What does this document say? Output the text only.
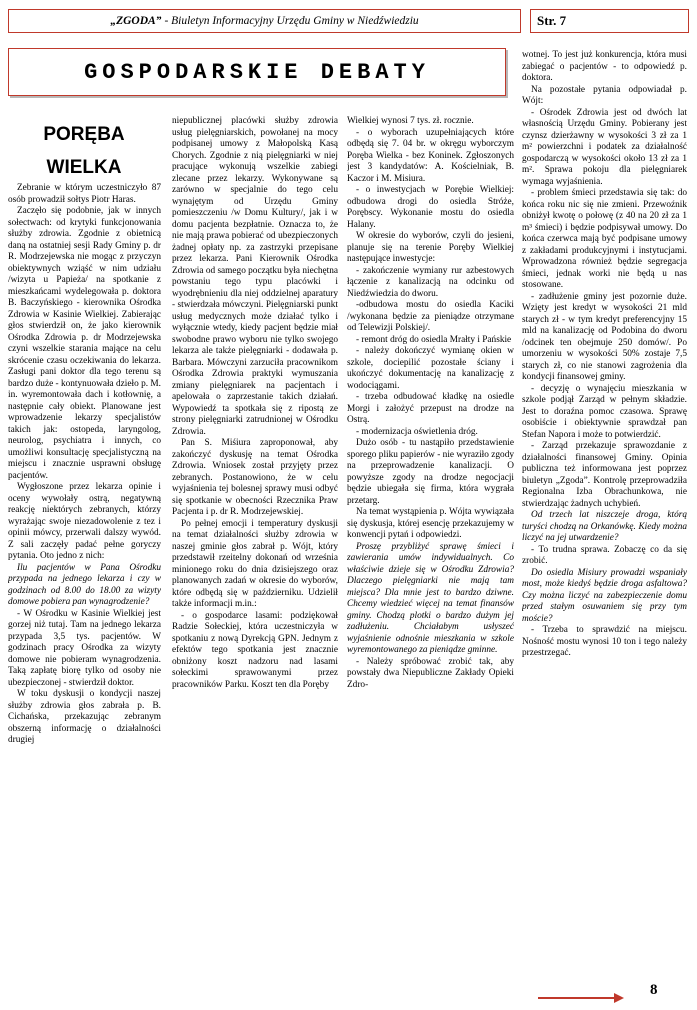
„ZGODA” - Biuletyn Informacyjny Urzędu Gminy w Niedźwiedziu	Str. 7
GOSPODARSKIE DEBATY
PORĘBA WIELKA

Zebranie w którym uczestniczyło 87 osób prowadził sołtys Piotr Haras.

Zaczęło się podobnie, jak w innych sołectwach: od krytyki funkcjonowania służby zdrowia. Zgodnie z obietnicą daną na ostatniej sesji Rady Gminy p. dr R. Modrzejewska nie mogąc z przyczyn obiektywnych wziąść w nim udziału /wizyta u Papieża/ na spotkanie z mieszkańcami wydelegowała p. doktora B. Baczyńskiego - kierownika Ośrodka Zdrowia w Kasinie Wielkiej. Zabierając głos stwierdził on, że jako kierownik Ośrodka Zdrowia p. dr Modrzejewska czyni wszelkie starania mające na celu skrócenie czasu oczekiwania do lekarza. Zasługi pani doktor dla tego terenu są bardzo duże - kontynuowała dzieło p. M. in. wyremontowała dach i kotłownię, a następnie cały obiekt. Planowane jest wprowadzenie lekarzy specjalistów takich jak: ostopeda, laryngolog, neurolog, psychiatra i innych, co umożliwi konsultację specjalistyczną na miejscu i znacznie usprawni obsługę pacjentów.

Wygłoszone przez lekarza opinie i oceny wywołały ostrą, negatywną reakcję niektórych zebranych, którzy wyrażając swoje niezadowolenie z tez i opinii mówcy, przerwali dalszy wywód. Z sali zaczęły padać pełne goryczy pytania. Oto jedno z nich:

Ilu pacjentów w Pana Ośrodku przypada na jednego lekarza i czy w godzinach od 8.00 do 18.00 za wizyty domowe pobiera pan wynagrodzenie?

- W Ośrodku w Kasinie Wielkiej jest gorzej niż tutaj. Tam na jednego lekarza przypada 3,5 tys. pacjentów. W godzinach pracy Ośrodka za wizyty domowe nie pobieram wynagrodzenia. Taką zapłatę biorę tylko od osoby nie ubezpieczonej - stwierdził doktor.

W toku dyskusji o kondycji naszej służby zdrowia głos zabrała p. B. Cichańska, przekazując zebranym obszerną informację o działalności drugiej

niepublicznej placówki służby zdrowia usług pielęgniarskich, powołanej na mocy podpisanej umowy z Małopolską Kasą Chorych. Zgodnie z nią pielęgniarki w niej pracujące wykonują wszelkie zabiegi zlecane przez lekarzy. Wykonywane są zarówno w specjalnie do tego celu wynajętym od Urzędu Gminy pomieszczeniu /w Domu Kultury/, jak i w domu pacjenta bezpłatnie. Oznacza to, że nie mają prawa pobierać od ubezpieczonych żadnej opłaty np. za zastrzyki przepisane przez lekarza. Pani Kierownik Ośrodka Zdrowia od samego początku była niechętna powstaniu tego typu placówki i wyodrębnieniu dla niej oddzielnej aparatury - stwierdzała mówczyni. Pielęgniarski punkt usług medycznych może działać tylko i wyłącznie wtedy, kiedy pacjent będzie miał swobodne prawo wyboru nie tylko swojego lekarza ale także pielęgniarki - dodawała p. Barbara. Mówczyni zarzuciła pracownikom Ośrodka Zdrowia praktyki wymuszania zmiany pielęgniarek na pacjentach i apelowała o zaprzestanie takich działań. Wypowiedź ta spotkała się z ripostą ze strony pielęgniarki zatrudnionej w Ośrodku Zdrowia.

Pan S. Miśiura zaproponował, aby zakończyć dyskusję na temat Ośrodka Zdrowia. Wniosek został przyjęty przez zebranych. Postanowiono, że w celu wyjaśnienia tej bolesnej sprawy musi odbyć się spotkanie w obecności Rzecznika Praw Pacjenta i p. dr R. Modrzejewskiej.

Po pełnej emocji i temperatury dyskusji na temat działalności służby zdrowia w naszej gminie głos zabrał p. Wójt, który przedstawił rzeitelny dokonań od września minionego roku do dnia dzisiejszego oraz planowanych zadań w okresie do wyborów, które odbędą się w październiku. Udzielił także informacji m.in.:

- o gospodarce lasami: podziękował Radzie Sołeckiej, która uczestniczyła w spotkaniu z nową Dyrekcją GPN. Jednym z efektów tego spotkania jest znacznie obniżony koszt nadzoru nad lasami sołeckimi sprawowanymi przez pracowników Parku. Koszt ten dla Poręby

Wielkiej wynosi 7 tys. zł. rocznie.

- o wyborach uzupełniających które odbędą się 7. 04 br. w okręgu wyborczym Poręba Wielka - bez Koninek. Zgłoszonych jest 3 kandydatów: A. Kościelniak, B. Kaczor i M. Misiura.

- o inwestycjach w Porębie Wielkiej: odbudowa drogi do osiedla Stróże, Porębscy. Wykonanie mostu do osiedla Halany.

W okresie do wyborów, czyli do jesieni, planuje się na terenie Poręby Wielkiej następujące inwestycje:

- zakończenie wymiany rur azbestowych łączenie z kanalizacją na odcinku od Niedźwiedzia do dworu.

-odbudowa mostu do osiedla Kaciki /wykonana będzie za pieniądze otrzymane od Telewizji Polskiej/.

- remont dróg do osiedla Mrałty i Pańskie

- należy dokończyć wymianę okien w szkole, dociepilić pozostałe ściany i ukończyć dokumentację na kanalizację z wodociągami.

- trzeba odbudować kładkę na osiedle Morgi i założyć przepust na drodze na Ostrą.

- modernizacja oświetlenia dróg.

Dużo osób - tu nastąpiło przedstawienie sporego pliku papierów - nie wyraziło zgody na przeprowadzenie kanalizacji. O powyższe zgody na drodze negocjacji będzie ubiegała się firma, która wygrała przetarg.

Na temat wystąpienia p. Wójta wywiązała się dyskusja, której esencję przekazujemy w konwencji pytań i odpowiedzi.

Proszę przybliżyć sprawę śmieci i zawierania umów indywidualnych. Co właściwie dzieje się w Ośrodku Zdrowia? Dlaczego pielęgniarki nie mają tam miejsca? Dla mnie jest to bardzo dziwne. Chcemy wiedzieć więcej na temat finansów gminy. Chodzą plotki o bardzo dużym jej zadłużeniu. Chciałabym usłyszeć wyjaśnienie odnośnie mieszkania w szkole wyremontowanego za pieniądze gminne.

- Należy spróbować zrobić tak, aby powstały dwa Niepubliczne Zakłady Opieki Zdro-

wotnej. To jest już konkurencja, która musi zabiegać o pacjentów - to odpowiedź p. doktora.

Na pozostałe pytania odpowiadał p. Wójt:

- Ośrodek Zdrowia jest od dwóch lat własnością Urzędu Gminy. Pobierany jest czynsz dzierżawny w wysokości 3 zł za 1 m² powierzchni i podatek za działalność gospodarczą w wysokości około 13 zł za 1 m². Sprawa pokoju dla pielęgniarek wymaga wyjaśnienia.

- problem śmieci przedstawia się tak: do końca roku nic się nie zmieni. Przewoźnik obniżył kwotę o połowę (z 40 na 20 zł za 1 m³ śmieci) i będzie podpisywał umowy. Do końca czerwca mają być podpisane umowy z zakładami produkcyjnymi i instytucjami. Wprowadzona również będzie segregacja śmieci, jednak worki nie będą u nas stosowane.

- zadłużenie gminy jest pozornie duże. Wzięty jest kredyt w wysokości 21 mld starych zł - w tym kredyt preferencyjny 15 mld na kanalizację od Podobina do dworu /odcinek ten obejmuje 250 domów/. Po umorzeniu w wysokości 50% zostaje 7,5 starych zł, co nie stanowi zagrożenia dla kondycji finansowej gminy.

- decyzję o wynajęciu mieszkania w szkole podjął Zarząd w pełnym składzie. Jest to doraźna pomoc czasowa. Sprawę osobiście i obiektywnie sprawdzał pan Stefan Napora i może to potwierdzić.

- Zarząd przekazuje sprawozdanie z działalności finansowej Gminy. Opinia publiczna też informowana jest poprzez biuletyn „Zgoda”. Kontrolę przeprowadziła Regionalna Izba Obrachunkowa, nie stwierdzając żadnych uchybień.

Od trzech lat niszczeje droga, którą turyści chodzą na Orkanówkę. Kiedy można liczyć na jej utwardzenie?

- To trudna sprawa. Zobaczę co da się zrobić.

Do osiedla Misiury prowadzi wspaniały most, może kiedyś będzie droga asfaltowa? Czy można liczyć na zabezpieczenie domu przed stałym osuwaniem się przy tym moście?

- Trzeba to sprawdzić na miejscu. Nośność mostu wynosi 10 ton i tego należy przestrzegać.

8
